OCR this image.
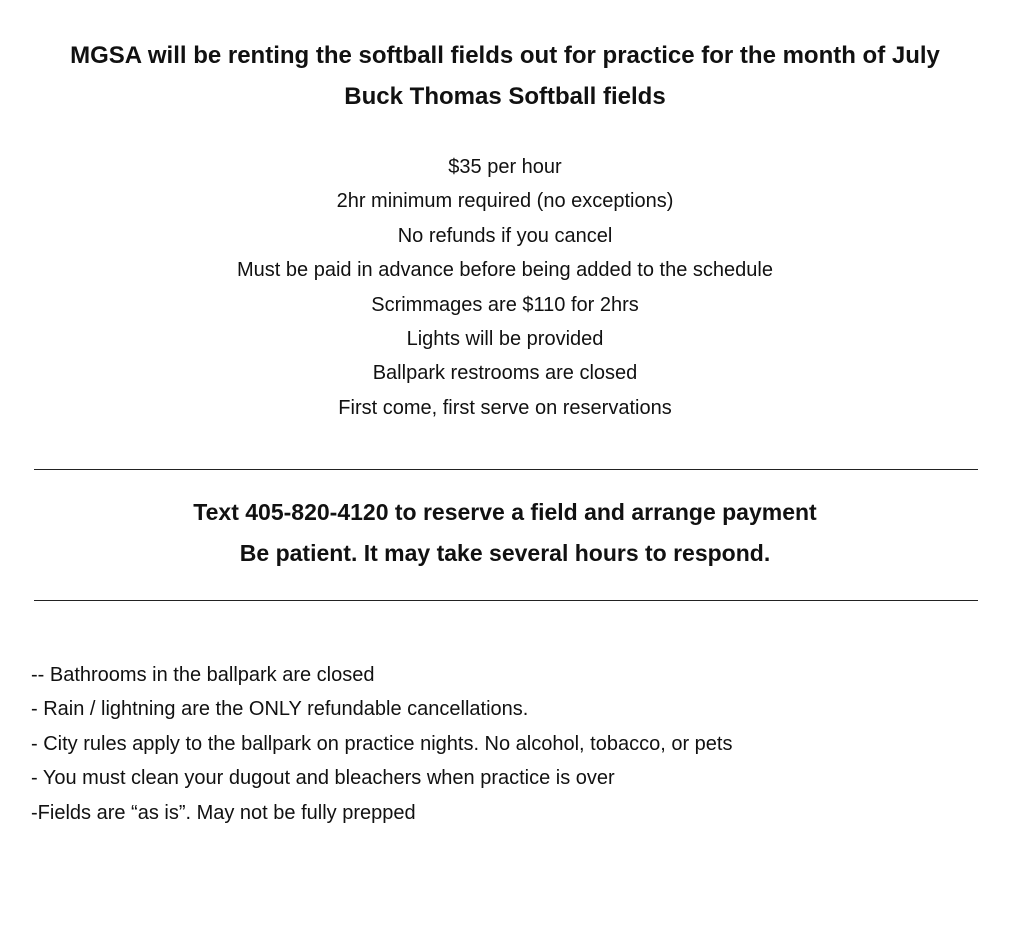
MGSA will be renting the softball fields out for practice for the month of July
Buck Thomas Softball fields
$35 per hour
2hr minimum required (no exceptions)
No refunds if you cancel
Must be paid in advance before being added to the schedule
Scrimmages are $110 for 2hrs
Lights will be provided
Ballpark restrooms are closed
First come, first serve on reservations
Text 405-820-4120 to reserve a field and arrange payment
Be patient. It may take several hours to respond.
-- Bathrooms in the ballpark are closed
- Rain / lightning are the ONLY refundable cancellations.
- City rules apply to the ballpark on practice nights. No alcohol, tobacco, or pets
- You must clean your dugout and bleachers when practice is over
-Fields are “as is”. May not be fully prepped
